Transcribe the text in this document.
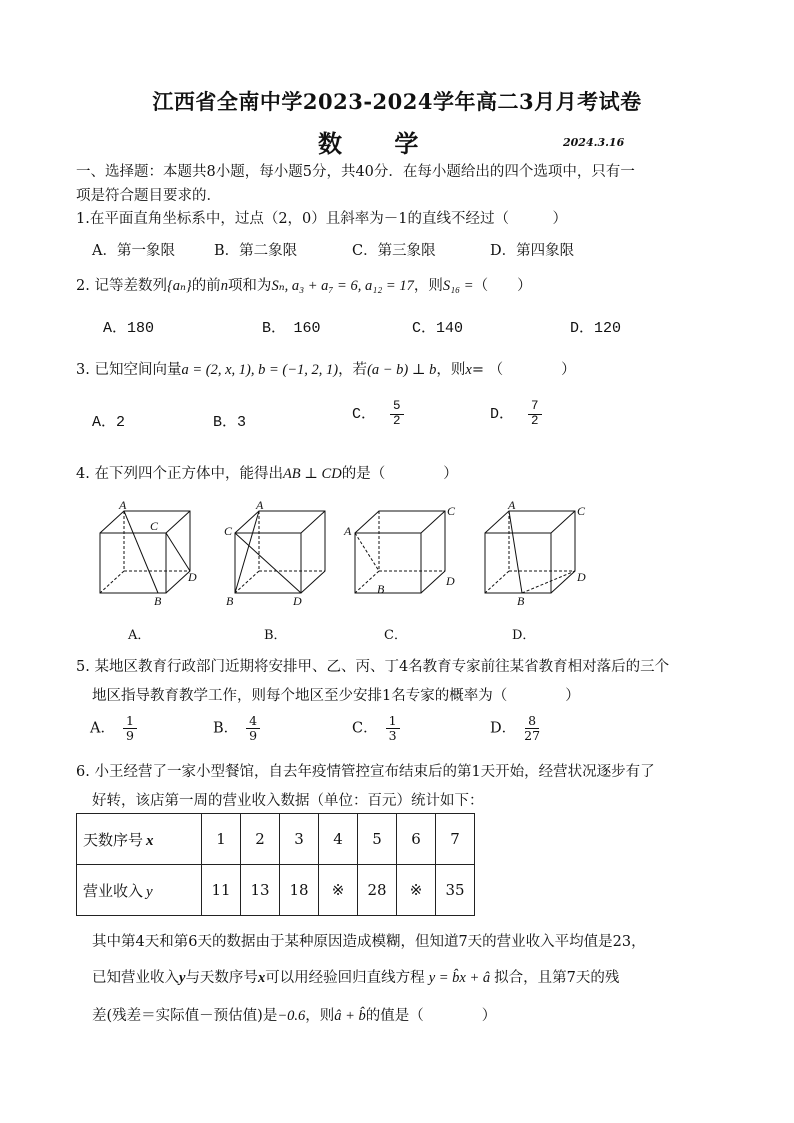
江西省全南中学2023-2024学年高二3月月考试卷
数 学	2024.3.16
一、选择题：本题共8小题，每小题5分，共40分．在每小题给出的四个选项中，只有一
项是符合题目要求的．
1.在平面直角坐标系中，过点（2，0）且斜率为－1的直线不经过（　　　）
A．第一象限	B．第二象限	C．第三象限	D．第四象限
2. 记等差数列{aₙ}的前n项和为Sₙ, a₃ + a₇ = 6, a₁₂ = 17，则S₁₆ =（　　）
A．180	B．　160	C．140	D．120
3. 已知空间向量a = (2, x, 1), b = (−1, 2, 1)，若(a − b) ⊥ b，则x= （　　　　）
A．2	B．3	C． $\frac{5}{2}$	D． $\frac{7}{2}$
4. 在下列四个正方体中，能得出AB ⊥ CD的是（　　　　）
A
C
D
B
A
C
B	D
A
C
D
B
A	C
D
B
A．	B．	C．	D．
5. 某地区教育行政部门近期将安排甲、乙、丙、丁4名教育专家前往某省教育相对落后的三个
地区指导教育教学工作，则每个地区至少安排1名专家的概率为（　　　　）
A． $\frac{1}{9}$	B． $\frac{4}{9}$	C． $\frac{1}{3}$	D． $\frac{8}{27}$
6. 小王经营了一家小型餐馆，自去年疫情管控宣布结束后的第1天开始，经营状况逐步有了
好转，该店第一周的营业收入数据（单位：百元）统计如下：
天数序号 x	1	2	3	4	5	6	7
营业收入 y	11	13	18	※	28	※	35
其中第4天和第6天的数据由于某种原因造成模糊，但知道7天的营业收入平均值是23，
已知营业收入y与天数序号x可以用经验回归直线方程 y = b̂x + â 拟合，且第7天的残
差(残差＝实际值－预估值)是−0.6，则â + b̂的值是（　　　　）
